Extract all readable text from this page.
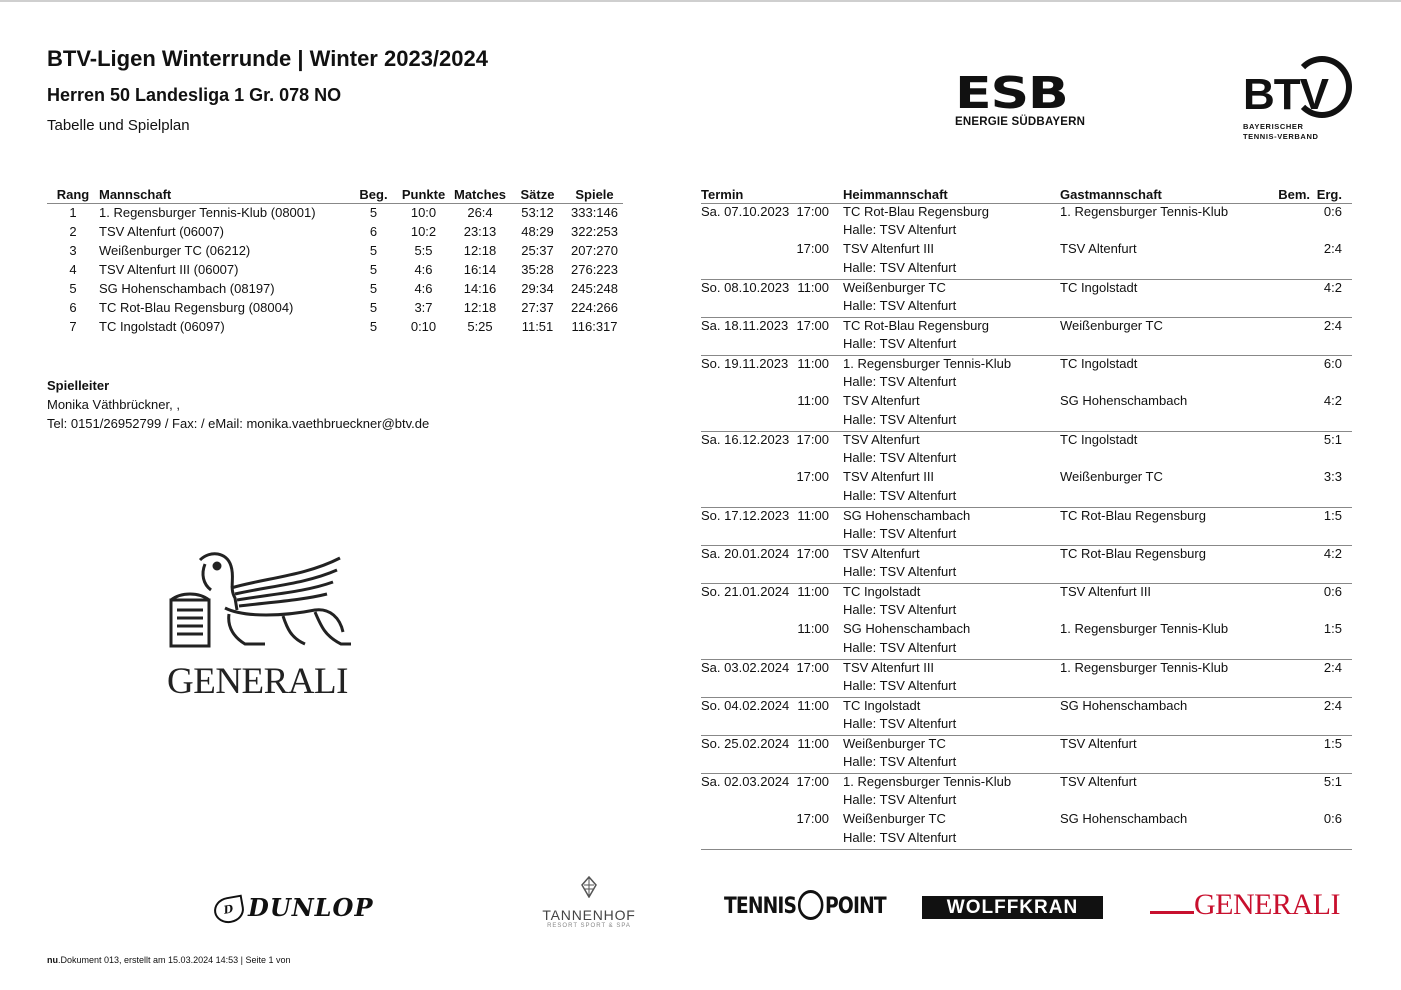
BTV-Ligen Winterrunde | Winter 2023/2024
Herren 50 Landesliga 1 Gr. 078 NO
Tabelle und Spielplan
ESB
ENERGIE SÜDBAYERN
BTV
BAYERISCHER
TENNIS-VERBAND
Rang	Mannschaft	Beg.	Punkte	Matches	Sätze	Spiele
1	1. Regensburger Tennis-Klub (08001)	5	10:0	26:4	53:12	333:146
2	TSV Altenfurt (06007)	6	10:2	23:13	48:29	322:253
3	Weißenburger TC (06212)	5	5:5	12:18	25:37	207:270
4	TSV Altenfurt III (06007)	5	4:6	16:14	35:28	276:223
5	SG Hohenschambach (08197)	5	4:6	14:16	29:34	245:248
6	TC Rot-Blau Regensburg (08004)	5	3:7	12:18	27:37	224:266
7	TC Ingolstadt (06097)	5	0:10	5:25	11:51	116:317
Spielleiter
Monika Väthbrückner, ,
Tel: 0151/26952799 / Fax: / eMail: monika.vaethbrueckner@btv.de
GENERALI
Termin	Heimmannschaft	Gastmannschaft	Bem.	Erg.

Sa. 07.10.2023 17:00	TC Rot-Blau Regensburg	1. Regensburger Tennis-Klub		0:6
	Halle: TSV Altenfurt			

17:00	TSV Altenfurt III	TSV Altenfurt		2:4
	Halle: TSV Altenfurt			

So. 08.10.2023 11:00	Weißenburger TC	TC Ingolstadt		4:2
	Halle: TSV Altenfurt			

Sa. 18.11.2023 17:00	TC Rot-Blau Regensburg	Weißenburger TC		2:4
	Halle: TSV Altenfurt			

So. 19.11.2023 11:00	1. Regensburger Tennis-Klub	TC Ingolstadt		6:0
	Halle: TSV Altenfurt			

11:00	TSV Altenfurt	SG Hohenschambach		4:2
	Halle: TSV Altenfurt			

Sa. 16.12.2023 17:00	TSV Altenfurt	TC Ingolstadt		5:1
	Halle: TSV Altenfurt			

17:00	TSV Altenfurt III	Weißenburger TC		3:3
	Halle: TSV Altenfurt			

So. 17.12.2023 11:00	SG Hohenschambach	TC Rot-Blau Regensburg		1:5
	Halle: TSV Altenfurt			

Sa. 20.01.2024 17:00	TSV Altenfurt	TC Rot-Blau Regensburg		4:2
	Halle: TSV Altenfurt			

So. 21.01.2024 11:00	TC Ingolstadt	TSV Altenfurt III		0:6
	Halle: TSV Altenfurt			

11:00	SG Hohenschambach	1. Regensburger Tennis-Klub		1:5
	Halle: TSV Altenfurt			

Sa. 03.02.2024 17:00	TSV Altenfurt III	1. Regensburger Tennis-Klub		2:4
	Halle: TSV Altenfurt			

So. 04.02.2024 11:00	TC Ingolstadt	SG Hohenschambach		2:4
	Halle: TSV Altenfurt			

So. 25.02.2024 11:00	Weißenburger TC	TSV Altenfurt		1:5
	Halle: TSV Altenfurt			

Sa. 02.03.2024 17:00	1. Regensburger Tennis-Klub	TSV Altenfurt		5:1
	Halle: TSV Altenfurt			

17:00	Weißenburger TC	SG Hohenschambach		0:6
	Halle: TSV Altenfurt			
D DUNLOP	TANNENHOF
RESORT SPORT & SPA
TENNIS POINT	WOLFFKRAN	GENERALI
nu.Dokument 013, erstellt am 15.03.2024 14:53 | Seite 1 von
